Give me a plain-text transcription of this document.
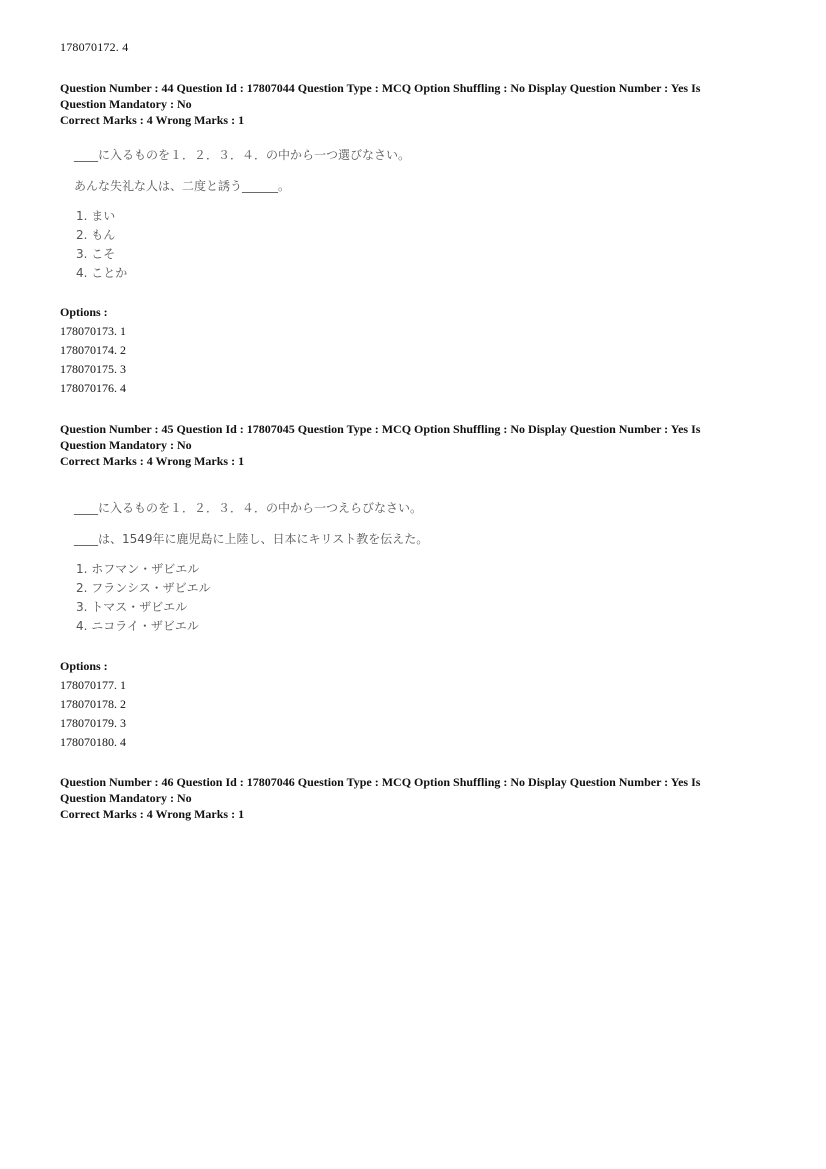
178070172. 4
Question Number : 44 Question Id : 17807044 Question Type : MCQ Option Shuffling : No Display Question Number : Yes Is
Question Mandatory : No
Correct Marks : 4 Wrong Marks : 1
____に入るものを１．２．３．４．の中から一つ選びなさい。
あんな失礼な人は、二度と誘う______。
1. まい
2. もん
3. こそ
4. ことか
Options :
178070173. 1
178070174. 2
178070175. 3
178070176. 4
Question Number : 45 Question Id : 17807045 Question Type : MCQ Option Shuffling : No Display Question Number : Yes Is
Question Mandatory : No
Correct Marks : 4 Wrong Marks : 1
____に入るものを１．２．３．４．の中から一つえらびなさい。
____は、1549年に鹿児島に上陸し、日本にキリスト教を伝えた。
1. ホフマン・ザビエル
2. フランシス・ザビエル
3. トマス・ザビエル
4. ニコライ・ザビエル
Options :
178070177. 1
178070178. 2
178070179. 3
178070180. 4
Question Number : 46 Question Id : 17807046 Question Type : MCQ Option Shuffling : No Display Question Number : Yes Is
Question Mandatory : No
Correct Marks : 4 Wrong Marks : 1
